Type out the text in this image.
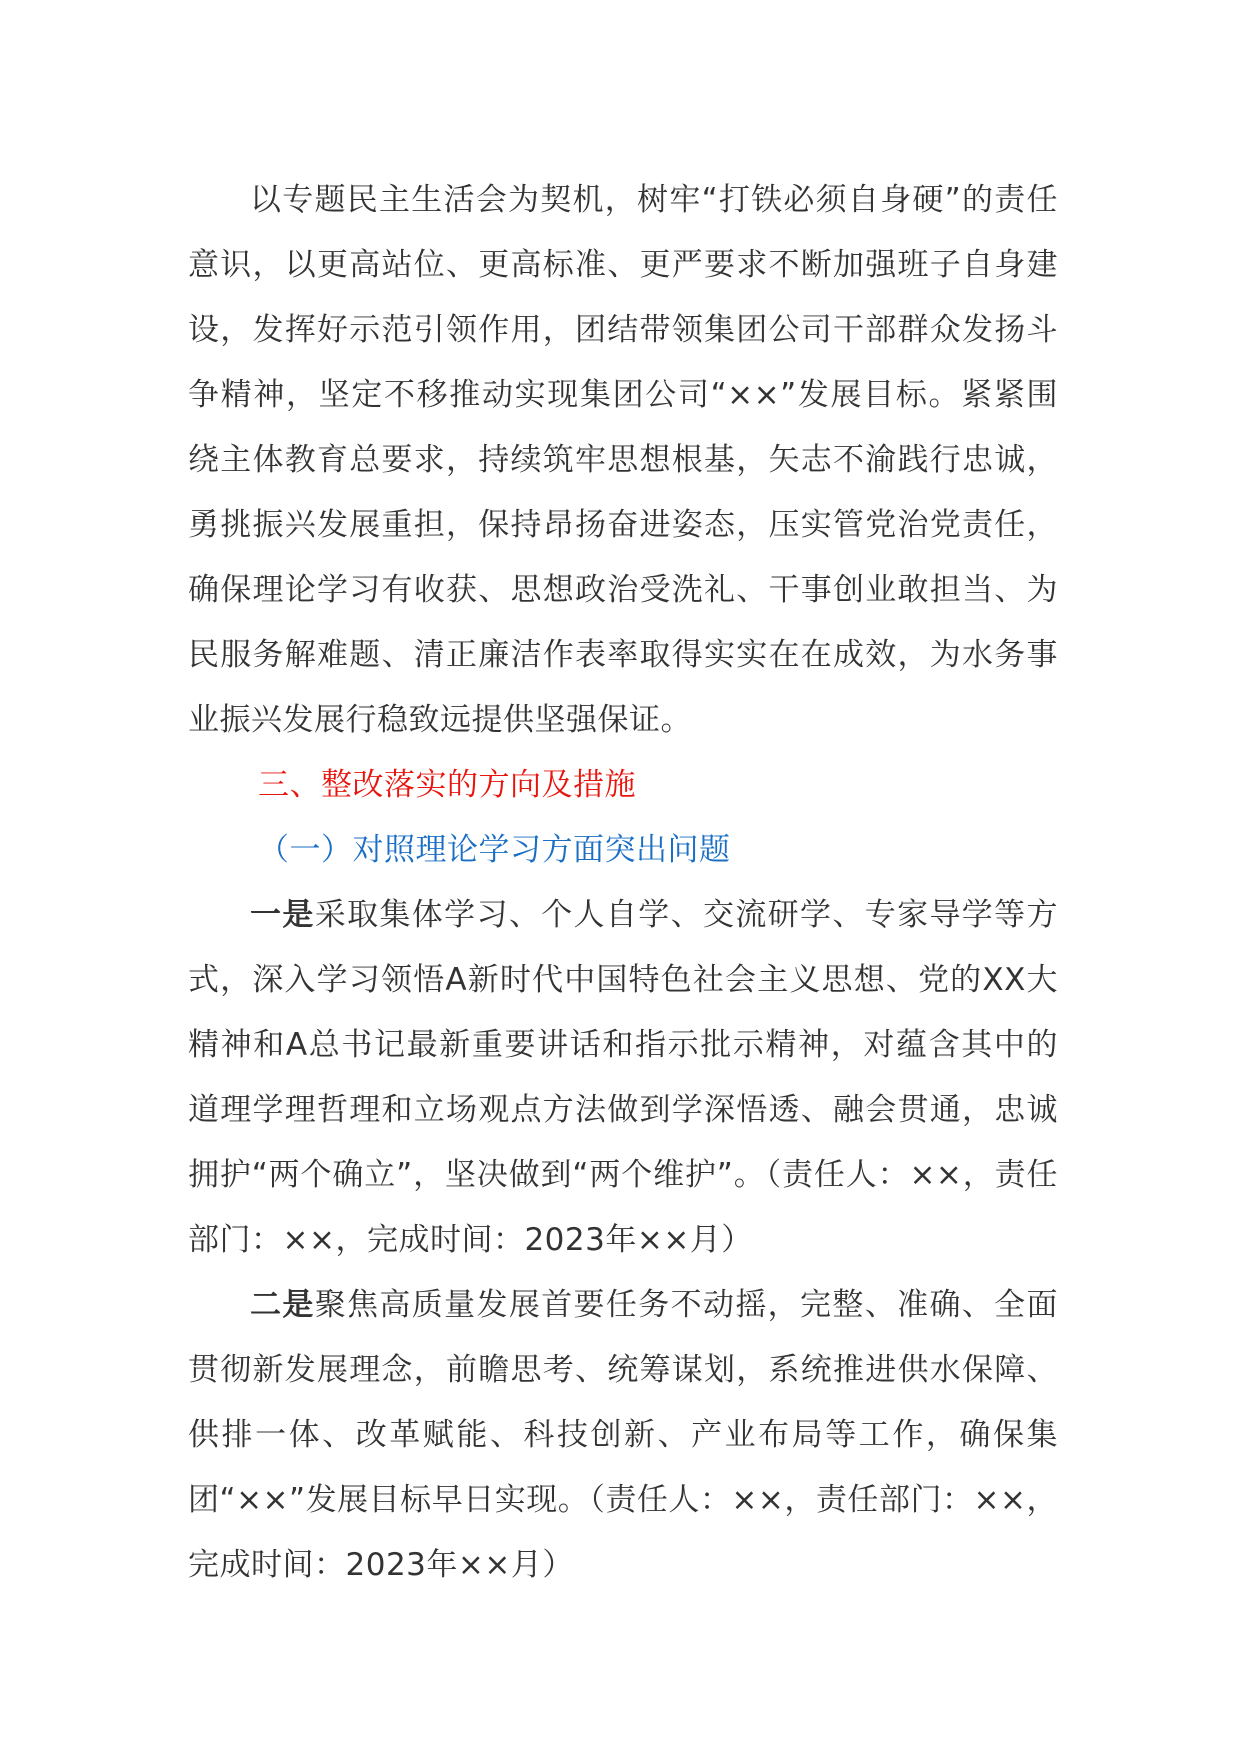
以专题民主生活会为契机，树牢“打铁必须自身硬”的责任意识，以更高站位、更高标准、更严要求不断加强班子自身建设，发挥好示范引领作用，团结带领集团公司干部群众发扬斗争精神，坚定不移推动实现集团公司“××”发展目标。紧紧围绕主体教育总要求，持续筑牢思想根基，矢志不渝践行忠诚，勇挑振兴发展重担，保持昂扬奋进姿态，压实管党治党责任，确保理论学习有收获、思想政治受洗礼、干事创业敢担当、为民服务解难题、清正廉洁作表率取得实实在在成效，为水务事业振兴发展行稳致远提供坚强保证。

三、整改落实的方向及措施

（一）对照理论学习方面突出问题

一是采取集体学习、个人自学、交流研学、专家导学等方式，深入学习领悟A新时代中国特色社会主义思想、党的XX大精神和A总书记最新重要讲话和指示批示精神，对蕴含其中的道理学理哲理和立场观点方法做到学深悟透、融会贯通，忠诚拥护“两个确立”，坚决做到“两个维护”。（责任人：××，责任部门：××，完成时间：2023年××月）

二是聚焦高质量发展首要任务不动摇，完整、准确、全面贯彻新发展理念，前瞻思考、统筹谋划，系统推进供水保障、供排一体、改革赋能、科技创新、产业布局等工作，确保集团“××”发展目标早日实现。（责任人：××，责任部门：××，完成时间：2023年××月）
